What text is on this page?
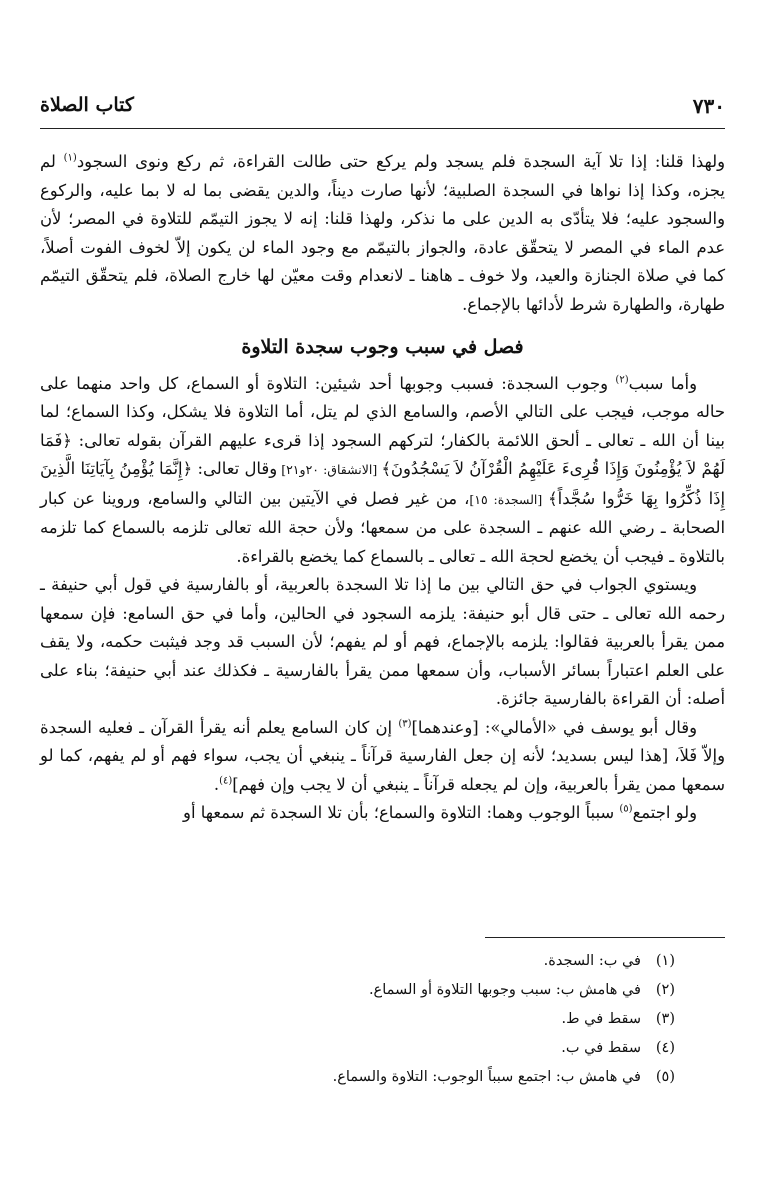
٧٣٠
كتاب الصلاة

ولهذا قلنا: إذا تلا آية السجدة فلم يسجد ولم يركع حتى طالت القراءة، ثم ركع ونوى السجود$^{(١)}$ لم يجزه، وكذا إذا نواها في السجدة الصلبية؛ لأنها صارت ديناً، والدين يقضى بما له لا بما عليه، والركوع والسجود عليه؛ فلا يتأدّى به الدين على ما نذكر، ولهذا قلنا: إنه لا يجوز التيمّم للتلاوة في المصر؛ لأن عدم الماء في المصر لا يتحقّق عادة، والجواز بالتيمّم مع وجود الماء لن يكون إلاّ لخوف الفوت أصلاً، كما في صلاة الجنازة والعيد، ولا خوف ـ هاهنا ـ لانعدام وقت معيّن لها خارج الصلاة، فلم يتحقّق التيمّم طهارة، والطهارة شرط لأدائها بالإجماع.

فصل في سبب وجوب سجدة التلاوة

وأما سبب$^{(٢)}$ وجوب السجدة: فسبب وجوبها أحد شيئين: التلاوة أو السماع، كل واحد منهما على حاله موجب، فيجب على التالي الأصم، والسامع الذي لم يتل، أما التلاوة فلا يشكل، وكذا السماع؛ لما بينا أن الله ـ تعالى ـ ألحق اللائمة بالكفار؛ لتركهم السجود إذا قرىء عليهم القرآن بقوله تعالى: ﴿فَمَا لَهُمْ لاَ يُؤْمِنُونَ وَإِذَا قُرِىءَ عَلَيْهِمُ الْقُرْآنُ لاَ يَسْجُدُونَ﴾ [الانشقاق: ٢٠و٢١] وقال تعالى: ﴿إِنَّمَا يُؤْمِنُ بِآيَاتِنَا الَّذِينَ إِذَا ذُكِّرُوا بِهَا خَرُّوا سُجَّداً﴾ [السجدة: ١٥]، من غير فصل في الآيتين بين التالي والسامع، وروينا عن كبار الصحابة ـ رضي الله عنهم ـ السجدة على من سمعها؛ ولأن حجة الله تعالى تلزمه بالسماع كما تلزمه بالتلاوة ـ فيجب أن يخضع لحجة الله ـ تعالى ـ بالسماع كما يخضع بالقراءة.

ويستوي الجواب في حق التالي بين ما إذا تلا السجدة بالعربية، أو بالفارسية في قول أبي حنيفة ـ رحمه الله تعالى ـ حتى قال أبو حنيفة: يلزمه السجود في الحالين، وأما في حق السامع: فإن سمعها ممن يقرأ بالعربية فقالوا: يلزمه بالإجماع، فهم أو لم يفهم؛ لأن السبب قد وجد فيثبت حكمه، ولا يقف على العلم اعتباراً بسائر الأسباب، وأن سمعها ممن يقرأ بالفارسية ـ فكذلك عند أبي حنيفة؛ بناء على أصله: أن القراءة بالفارسية جائزة.

وقال أبو يوسف في «الأمالي»: [وعندهما]$^{(٣)}$ إن كان السامع يعلم أنه يقرأ القرآن ـ فعليه السجدة وإلاّ فَلاَ، [هذا ليس بسديد؛ لأنه إن جعل الفارسية قرآناً ـ ينبغي أن يجب، سواء فهم أو لم يفهم، كما لو سمعها ممن يقرأ بالعربية، وإن لم يجعله قرآناً ـ ينبغي أن لا يجب وإن فهم]$^{(٤)}$.

ولو اجتمع$^{(٥)}$ سبباً الوجوب وهما: التلاوة والسماع؛ بأن تلا السجدة ثم سمعها أو

(١)
في ب: السجدة.
(٢)
في هامش ب: سبب وجوبها التلاوة أو السماع.
(٣)
سقط في ط.
(٤)
سقط في ب.
(٥)
في هامش ب: اجتمع سبباً الوجوب: التلاوة والسماع.
